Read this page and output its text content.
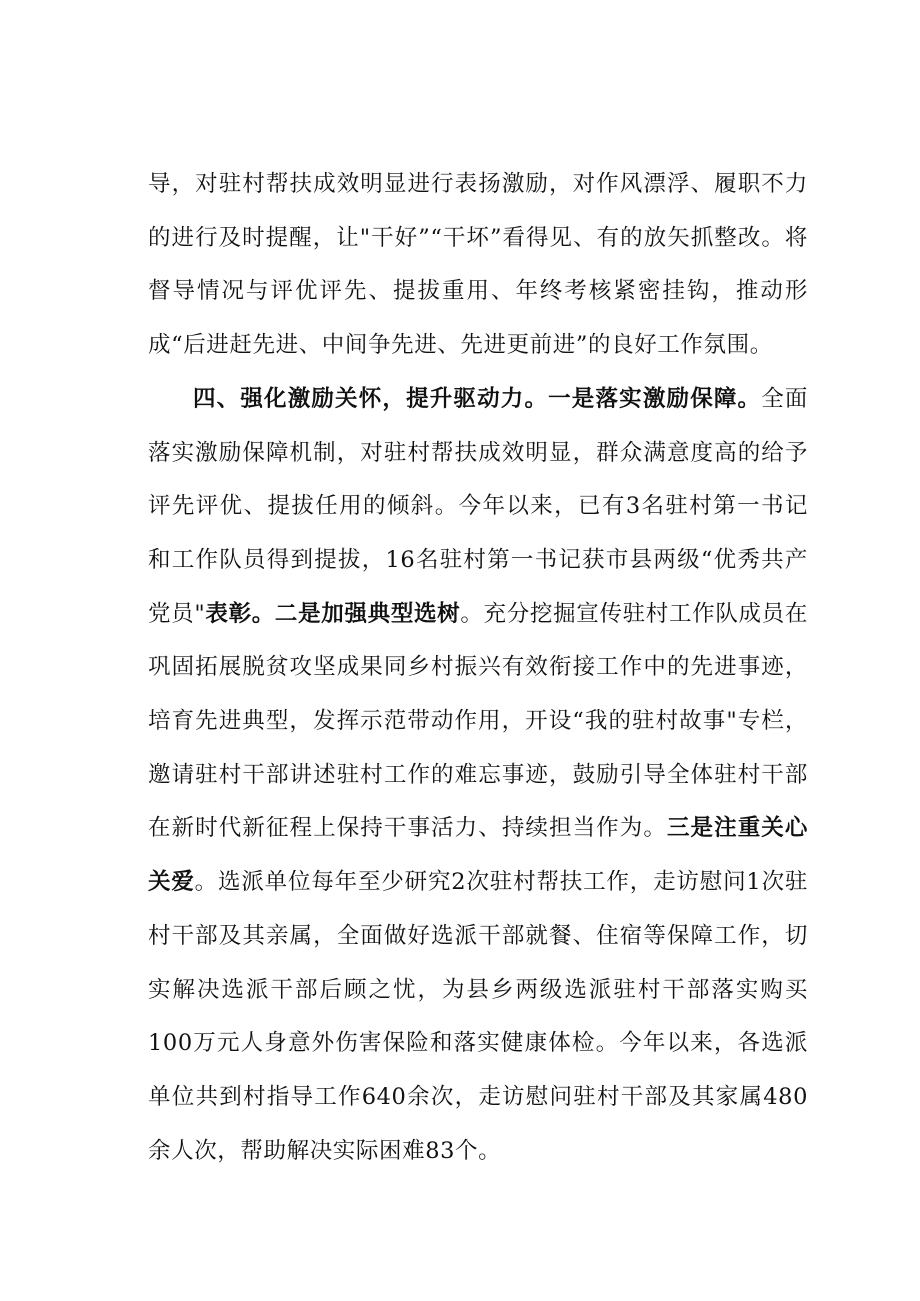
导，对驻村帮扶成效明显进行表扬激励，对作风漂浮、履职不力的进行及时提醒，让"干好”“干坏”看得见、有的放矢抓整改。将督导情况与评优评先、提拔重用、年终考核紧密挂钩，推动形成“后进赶先进、中间争先进、先进更前进”的良好工作氛围。

四、强化激励关怀，提升驱动力。一是落实激励保障。全面落实激励保障机制，对驻村帮扶成效明显，群众满意度高的给予评先评优、提拔任用的倾斜。今年以来，已有3名驻村第一书记和工作队员得到提拔，16名驻村第一书记获市县两级“优秀共产党员"表彰。二是加强典型选树。充分挖掘宣传驻村工作队成员在巩固拓展脱贫攻坚成果同乡村振兴有效衔接工作中的先进事迹，培育先进典型，发挥示范带动作用，开设“我的驻村故事"专栏，邀请驻村干部讲述驻村工作的难忘事迹，鼓励引导全体驻村干部在新时代新征程上保持干事活力、持续担当作为。三是注重关心关爱。选派单位每年至少研究2次驻村帮扶工作，走访慰问1次驻村干部及其亲属，全面做好选派干部就餐、住宿等保障工作，切实解决选派干部后顾之忧，为县乡两级选派驻村干部落实购买100万元人身意外伤害保险和落实健康体检。今年以来，各选派单位共到村指导工作640余次，走访慰问驻村干部及其家属480余人次，帮助解决实际困难83个。
